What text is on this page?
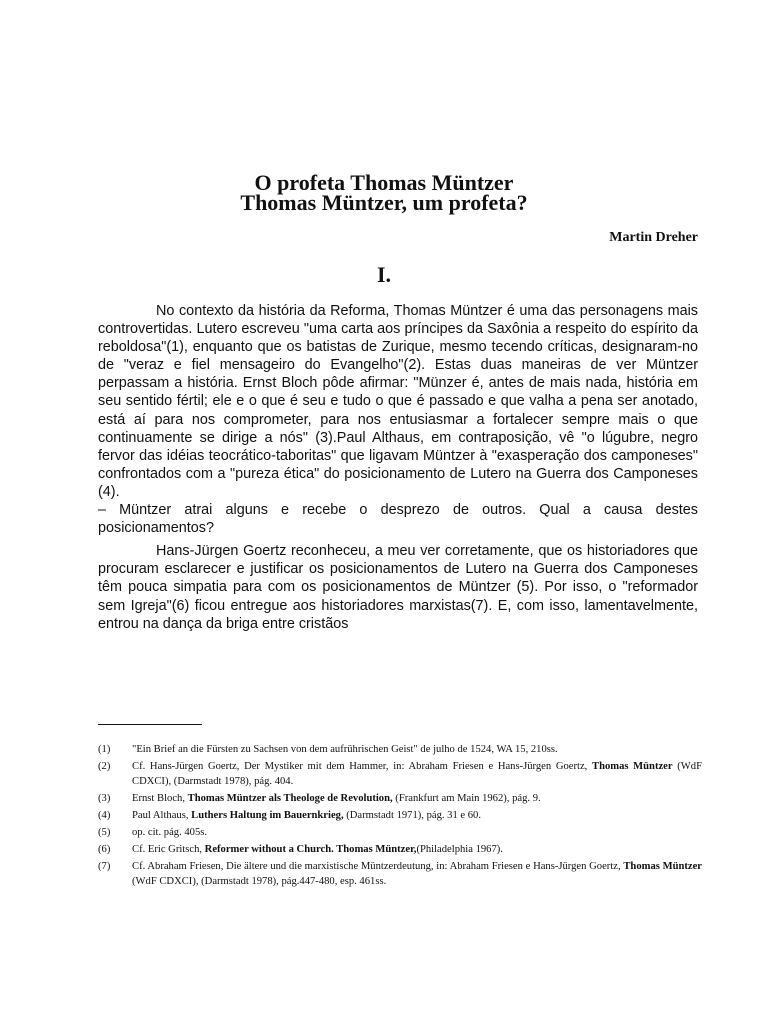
O profeta Thomas Müntzer
Thomas Müntzer, um profeta?
Martin Dreher
I.

No contexto da história da Reforma, Thomas Müntzer é uma das personagens mais controvertidas. Lutero escreveu "uma carta aos príncipes da Saxônia a respeito do espírito da reboldosa"(1), enquanto que os batistas de Zurique, mesmo tecendo críticas, designaram-no de "veraz e fiel mensageiro do Evangelho"(2). Estas duas maneiras de ver Müntzer perpassam a história. Ernst Bloch pôde afirmar: "Münzer é, antes de mais nada, história em seu sentido fértil; ele e o que é seu e tudo o que é passado e que valha a pena ser anotado, está aí para nos comprometer, para nos entusiasmar a fortalecer sempre mais o que continuamente se dirige a nós" (3).Paul Althaus, em contraposição, vê "o lúgubre, negro fervor das idéias teocrático-taboritas" que ligavam Müntzer à "exasperação dos camponeses" confrontados com a "pureza ética" do posicionamento de Lutero na Guerra dos Camponeses (4).

– Müntzer atrai alguns e recebe o desprezo de outros. Qual a causa destes posicionamentos?

Hans-Jürgen Goertz reconheceu, a meu ver corretamente, que os historiadores que procuram esclarecer e justificar os posicionamentos de Lutero na Guerra dos Camponeses têm pouca simpatia para com os posicionamentos de Müntzer (5). Por isso, o "reformador sem Igreja"(6) ficou entregue aos historiadores marxistas(7). E, com isso, lamentavelmente, entrou na dança da briga entre cristãos

(1) "Ein Brief an die Fürsten zu Sachsen von dem aufrührischen Geist" de julho de 1524, WA 15, 210ss.
(2) Cf. Hans-Jürgen Goertz, Der Mystiker mit dem Hammer, in: Abraham Friesen e Hans-Jürgen Goertz, Thomas Müntzer (WdF CDXCI), (Darmstadt 1978), pág. 404.
(3) Ernst Bloch, Thomas Müntzer als Theologe de Revolution, (Frankfurt am Main 1962), pág. 9.
(4) Paul Althaus, Luthers Haltung im Bauernkrieg, (Darmstadt 1971), pág. 31 e 60.
(5) op. cit. pág. 405s.
(6) Cf. Eric Gritsch, Reformer without a Church. Thomas Müntzer,(Philadelphia 1967).
(7) Cf. Abraham Friesen, Die ältere und die marxistische Müntzerdeutung, in: Abraham Friesen e Hans-Jürgen Goertz, Thomas Müntzer (WdF CDXCI), (Darmstadt 1978), pág.447-480, esp. 461ss.
